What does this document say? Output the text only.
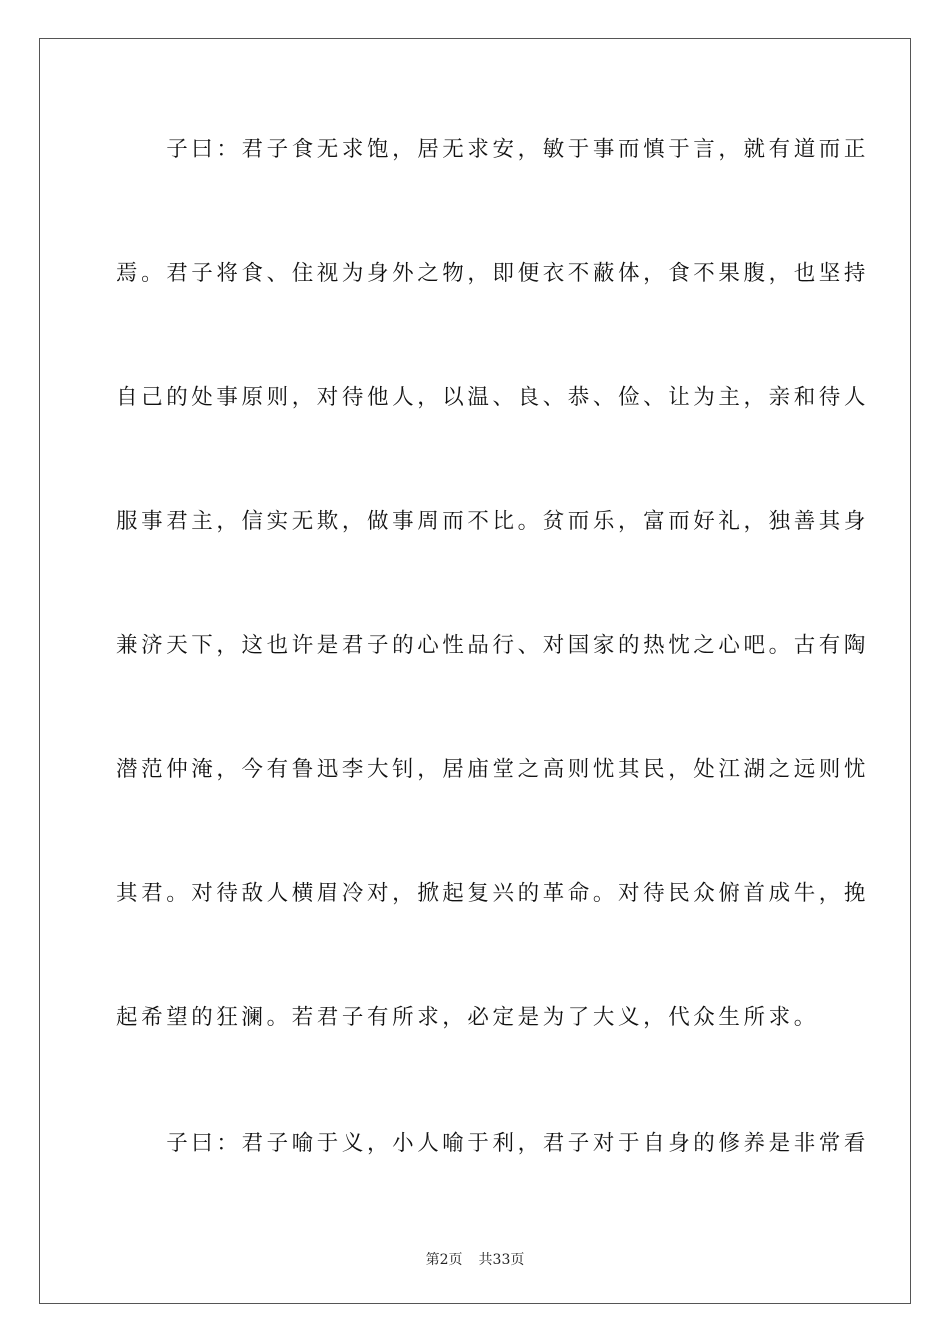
　　子曰：君子食无求饱，居无求安，敏于事而慎于言，就有道而正
焉。君子将食、住视为身外之物，即便衣不蔽体，食不果腹，也坚持
自己的处事原则，对待他人，以温、良、恭、俭、让为主，亲和待人
服事君主，信实无欺，做事周而不比。贫而乐，富而好礼，独善其身
兼济天下，这也许是君子的心性品行、对国家的热忱之心吧。古有陶
潜范仲淹，今有鲁迅李大钊，居庙堂之高则忧其民，处江湖之远则忧
其君。对待敌人横眉冷对，掀起复兴的革命。对待民众俯首成牛，挽
起希望的狂澜。若君子有所求，必定是为了大义，代众生所求。
　　子曰：君子喻于义，小人喻于利，君子对于自身的修养是非常看
第2页 共33页
